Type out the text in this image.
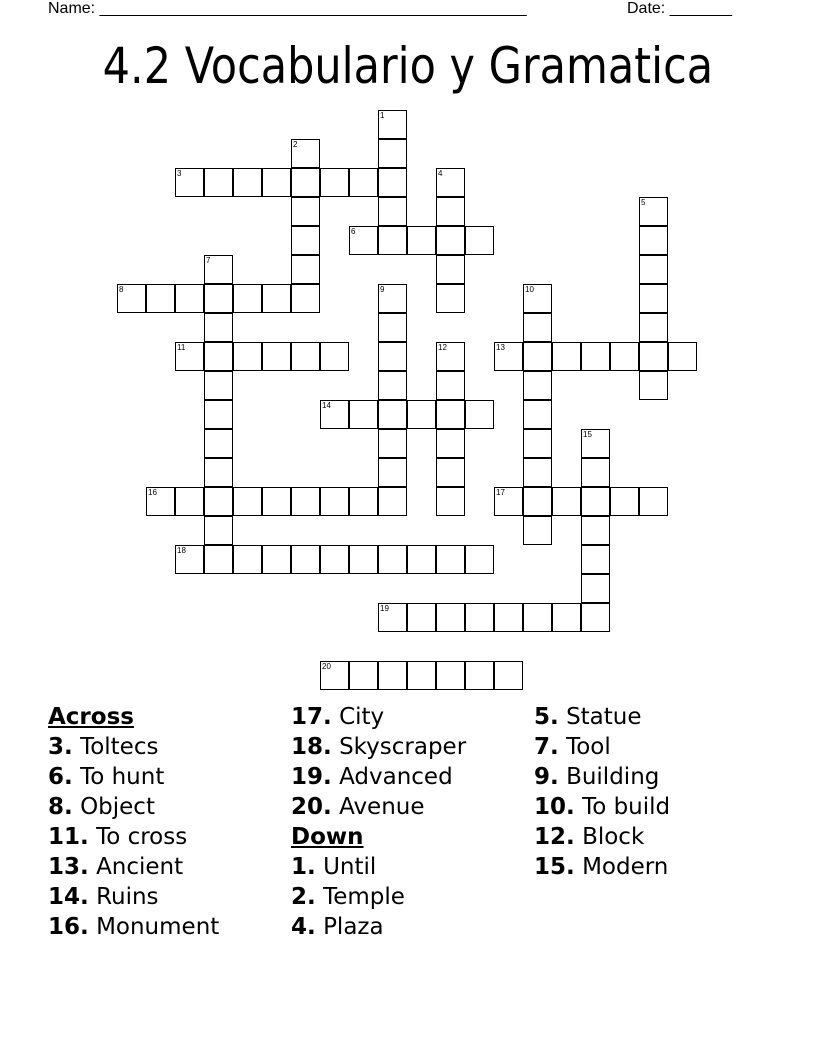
Name: ________________________________________________	Date: _______
4.2 Vocabulario y Gramatica
1
2
3	4
5
6
7
8	9	10
11	12	13
14
15
16	17
18
19
20
Across
3. Toltecs
6. To hunt
8. Object
11. To cross
13. Ancient
14. Ruins
16. Monument
17. City
18. Skyscraper
19. Advanced
20. Avenue
Down
1. Until
2. Temple
4. Plaza
5. Statue
7. Tool
9. Building
10. To build
12. Block
15. Modern
